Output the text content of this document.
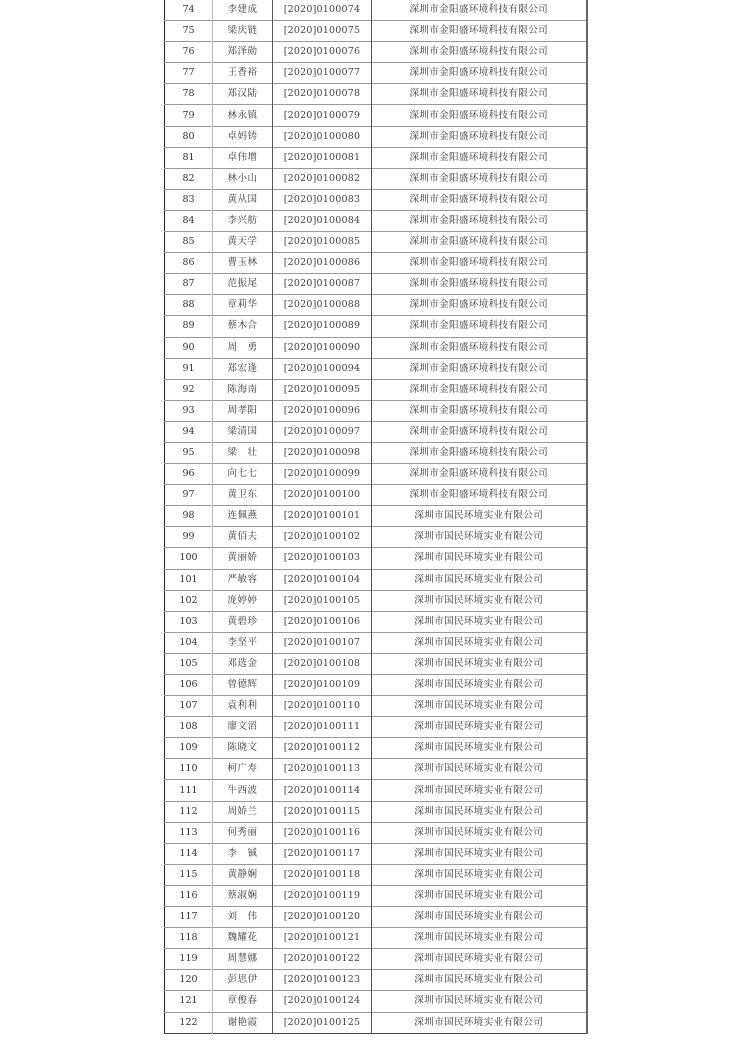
74	李建成	[2020]0100074	深圳市金阳盛环境科技有限公司
75	梁庆链	[2020]0100075	深圳市金阳盛环境科技有限公司
76	郑泽勋	[2020]0100076	深圳市金阳盛环境科技有限公司
77	王香裕	[2020]0100077	深圳市金阳盛环境科技有限公司
78	郑汉陆	[2020]0100078	深圳市金阳盛环境科技有限公司
79	林永镇	[2020]0100079	深圳市金阳盛环境科技有限公司
80	卓妈铸	[2020]0100080	深圳市金阳盛环境科技有限公司
81	卓伟增	[2020]0100081	深圳市金阳盛环境科技有限公司
82	林小山	[2020]0100082	深圳市金阳盛环境科技有限公司
83	黄从国	[2020]0100083	深圳市金阳盛环境科技有限公司
84	李兴舫	[2020]0100084	深圳市金阳盛环境科技有限公司
85	黄天学	[2020]0100085	深圳市金阳盛环境科技有限公司
86	曹玉林	[2020]0100086	深圳市金阳盛环境科技有限公司
87	范振尾	[2020]0100087	深圳市金阳盛环境科技有限公司
88	章莉华	[2020]0100088	深圳市金阳盛环境科技有限公司
89	蔡木合	[2020]0100089	深圳市金阳盛环境科技有限公司
90	周　勇	[2020]0100090	深圳市金阳盛环境科技有限公司
91	郑宏逢	[2020]0100094	深圳市金阳盛环境科技有限公司
92	陈海南	[2020]0100095	深圳市金阳盛环境科技有限公司
93	周孝阳	[2020]0100096	深圳市金阳盛环境科技有限公司
94	梁清国	[2020]0100097	深圳市金阳盛环境科技有限公司
95	梁　壮	[2020]0100098	深圳市金阳盛环境科技有限公司
96	向七七	[2020]0100099	深圳市金阳盛环境科技有限公司
97	黄卫东	[2020]0100100	深圳市金阳盛环境科技有限公司
98	连佩燕	[2020]0100101	深圳市国民环境实业有限公司
99	黄佰夫	[2020]0100102	深圳市国民环境实业有限公司
100	黄丽娇	[2020]0100103	深圳市国民环境实业有限公司
101	严敏容	[2020]0100104	深圳市国民环境实业有限公司
102	庞婷婷	[2020]0100105	深圳市国民环境实业有限公司
103	黄碧珍	[2020]0100106	深圳市国民环境实业有限公司
104	李坚平	[2020]0100107	深圳市国民环境实业有限公司
105	邓选金	[2020]0100108	深圳市国民环境实业有限公司
106	曾德辉	[2020]0100109	深圳市国民环境实业有限公司
107	袁利利	[2020]0100110	深圳市国民环境实业有限公司
108	廖文滔	[2020]0100111	深圳市国民环境实业有限公司
109	陈晓文	[2020]0100112	深圳市国民环境实业有限公司
110	柯广寿	[2020]0100113	深圳市国民环境实业有限公司
111	牛西波	[2020]0100114	深圳市国民环境实业有限公司
112	周娇兰	[2020]0100115	深圳市国民环境实业有限公司
113	何秀丽	[2020]0100116	深圳市国民环境实业有限公司
114	李　铖	[2020]0100117	深圳市国民环境实业有限公司
115	黄静娴	[2020]0100118	深圳市国民环境实业有限公司
116	蔡淑娴	[2020]0100119	深圳市国民环境实业有限公司
117	刘　伟	[2020]0100120	深圳市国民环境实业有限公司
118	魏耀花	[2020]0100121	深圳市国民环境实业有限公司
119	周慧娜	[2020]0100122	深圳市国民环境实业有限公司
120	彭思伊	[2020]0100123	深圳市国民环境实业有限公司
121	章俊春	[2020]0100124	深圳市国民环境实业有限公司
122	谢艳霞	[2020]0100125	深圳市国民环境实业有限公司
